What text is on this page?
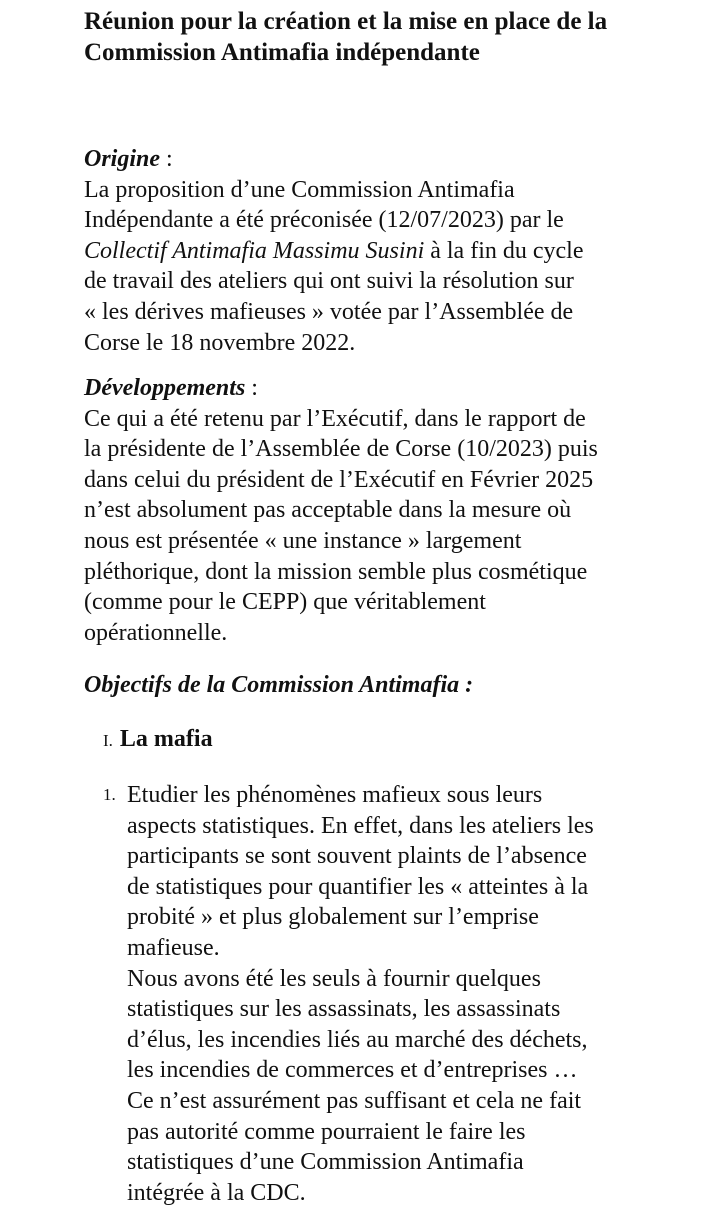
Réunion pour la création et la mise en place de la
Commission Antimafia indépendante
Origine :
La proposition d’une Commission Antimafia
Indépendante a été préconisée (12/07/2023) par le
Collectif Antimafia Massimu Susini à la fin du cycle
de travail des ateliers qui ont suivi la résolution sur
« les dérives mafieuses » votée par l’Assemblée de
Corse le 18 novembre 2022.
Développements :
Ce qui a été retenu par l’Exécutif, dans le rapport de
la présidente de l’Assemblée de Corse (10/2023) puis
dans celui du président de l’Exécutif en Février 2025
n’est absolument pas acceptable dans la mesure où
nous est présentée « une instance » largement
pléthorique, dont la mission semble plus cosmétique
(comme pour le CEPP) que véritablement
opérationnelle.
Objectifs de la Commission Antimafia :
I. La mafia
1. Etudier les phénomènes mafieux sous leurs
aspects statistiques. En effet, dans les ateliers les
participants se sont souvent plaints de l’absence
de statistiques pour quantifier les « atteintes à la
probité » et plus globalement sur l’emprise
mafieuse.
Nous avons été les seuls à fournir quelques
statistiques sur les assassinats, les assassinats
d’élus, les incendies liés au marché des déchets,
les incendies de commerces et d’entreprises …
Ce n’est assurément pas suffisant et cela ne fait
pas autorité comme pourraient le faire les
statistiques d’une Commission Antimafia
intégrée à la CDC.
